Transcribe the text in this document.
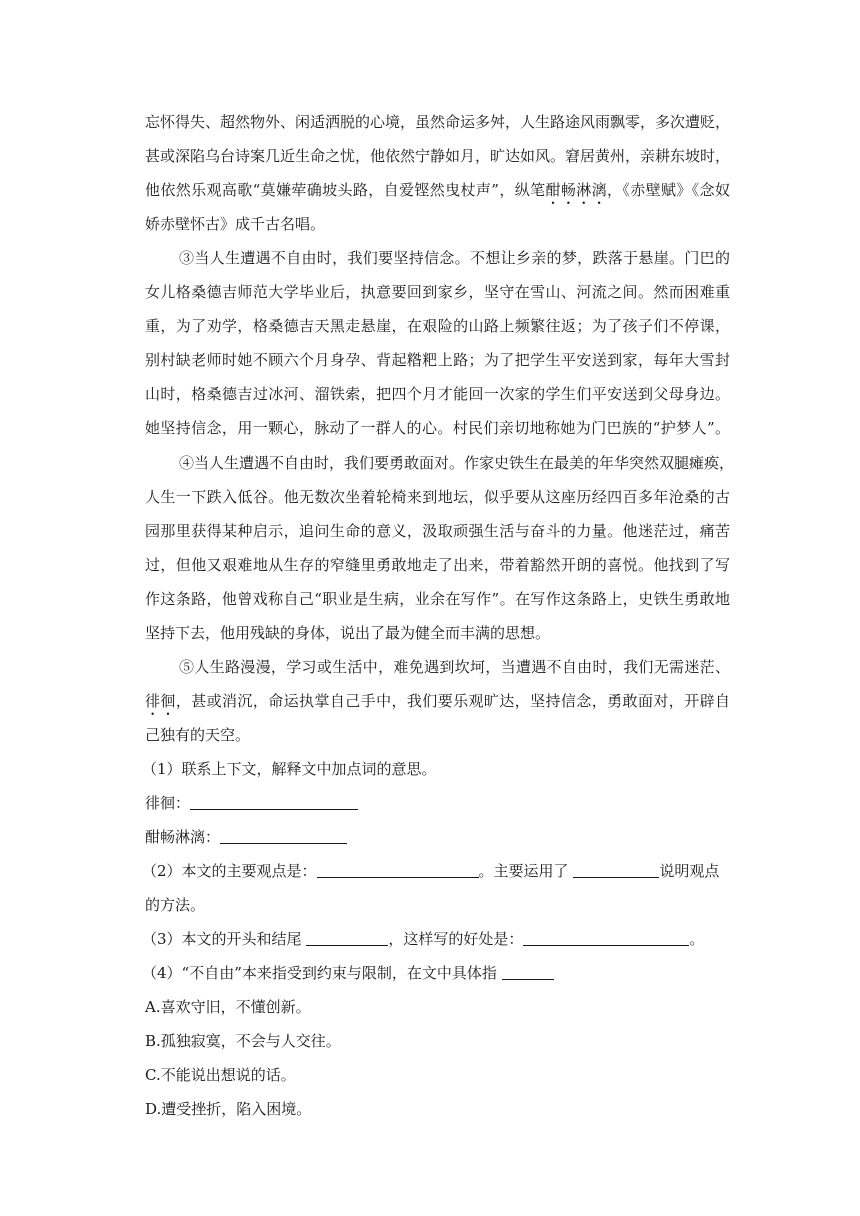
忘怀得失、超然物外、闲适洒脱的心境，虽然命运多舛，人生路途风雨飘零，多次遭贬，
甚或深陷乌台诗案几近生命之忧，他依然宁静如月，旷达如风。窘居黄州，亲耕东坡时，
他依然乐观高歌“莫嫌荦确坡头路，自爱铿然曳杖声”，纵笔酣畅淋漓，《赤壁赋》《念奴
娇赤壁怀古》成千古名唱。
③当人生遭遇不自由时，我们要坚持信念。不想让乡亲的梦，跌落于悬崖。门巴的
女儿格桑德吉师范大学毕业后，执意要回到家乡，坚守在雪山、河流之间。然而困难重
重，为了劝学，格桑德吉天黑走悬崖，在艰险的山路上频繁往返；为了孩子们不停课，
别村缺老师时她不顾六个月身孕、背起糌粑上路；为了把学生平安送到家，每年大雪封
山时，格桑德吉过冰河、溜铁索，把四个月才能回一次家的学生们平安送到父母身边。
她坚持信念，用一颗心，脉动了一群人的心。村民们亲切地称她为门巴族的“护梦人”。
④当人生遭遇不自由时，我们要勇敢面对。作家史铁生在最美的年华突然双腿瘫痪，
人生一下跌入低谷。他无数次坐着轮椅来到地坛，似乎要从这座历经四百多年沧桑的古
园那里获得某种启示，追问生命的意义，汲取顽强生活与奋斗的力量。他迷茫过，痛苦
过，但他又艰难地从生存的窄缝里勇敢地走了出来，带着豁然开朗的喜悦。他找到了写
作这条路，他曾戏称自己“职业是生病，业余在写作”。在写作这条路上，史铁生勇敢地
坚持下去，他用残缺的身体，说出了最为健全而丰满的思想。
⑤人生路漫漫，学习或生活中，难免遇到坎坷，当遭遇不自由时，我们无需迷茫、
徘徊，甚或消沉，命运执掌自己手中，我们要乐观旷达，坚持信念，勇敢面对，开辟自
己独有的天空。
（1）联系上下文，解释文中加点词的意思。
徘徊：
酣畅淋漓：
（2）本文的主要观点是：	。主要运用了	说明观点
的方法。
（3）本文的开头和结尾	，这样写的好处是：	。
（4）“不自由”本来指受到约束与限制，在文中具体指
A.喜欢守旧，不懂创新。
B.孤独寂寞，不会与人交往。
C.不能说出想说的话。
D.遭受挫折，陷入困境。
